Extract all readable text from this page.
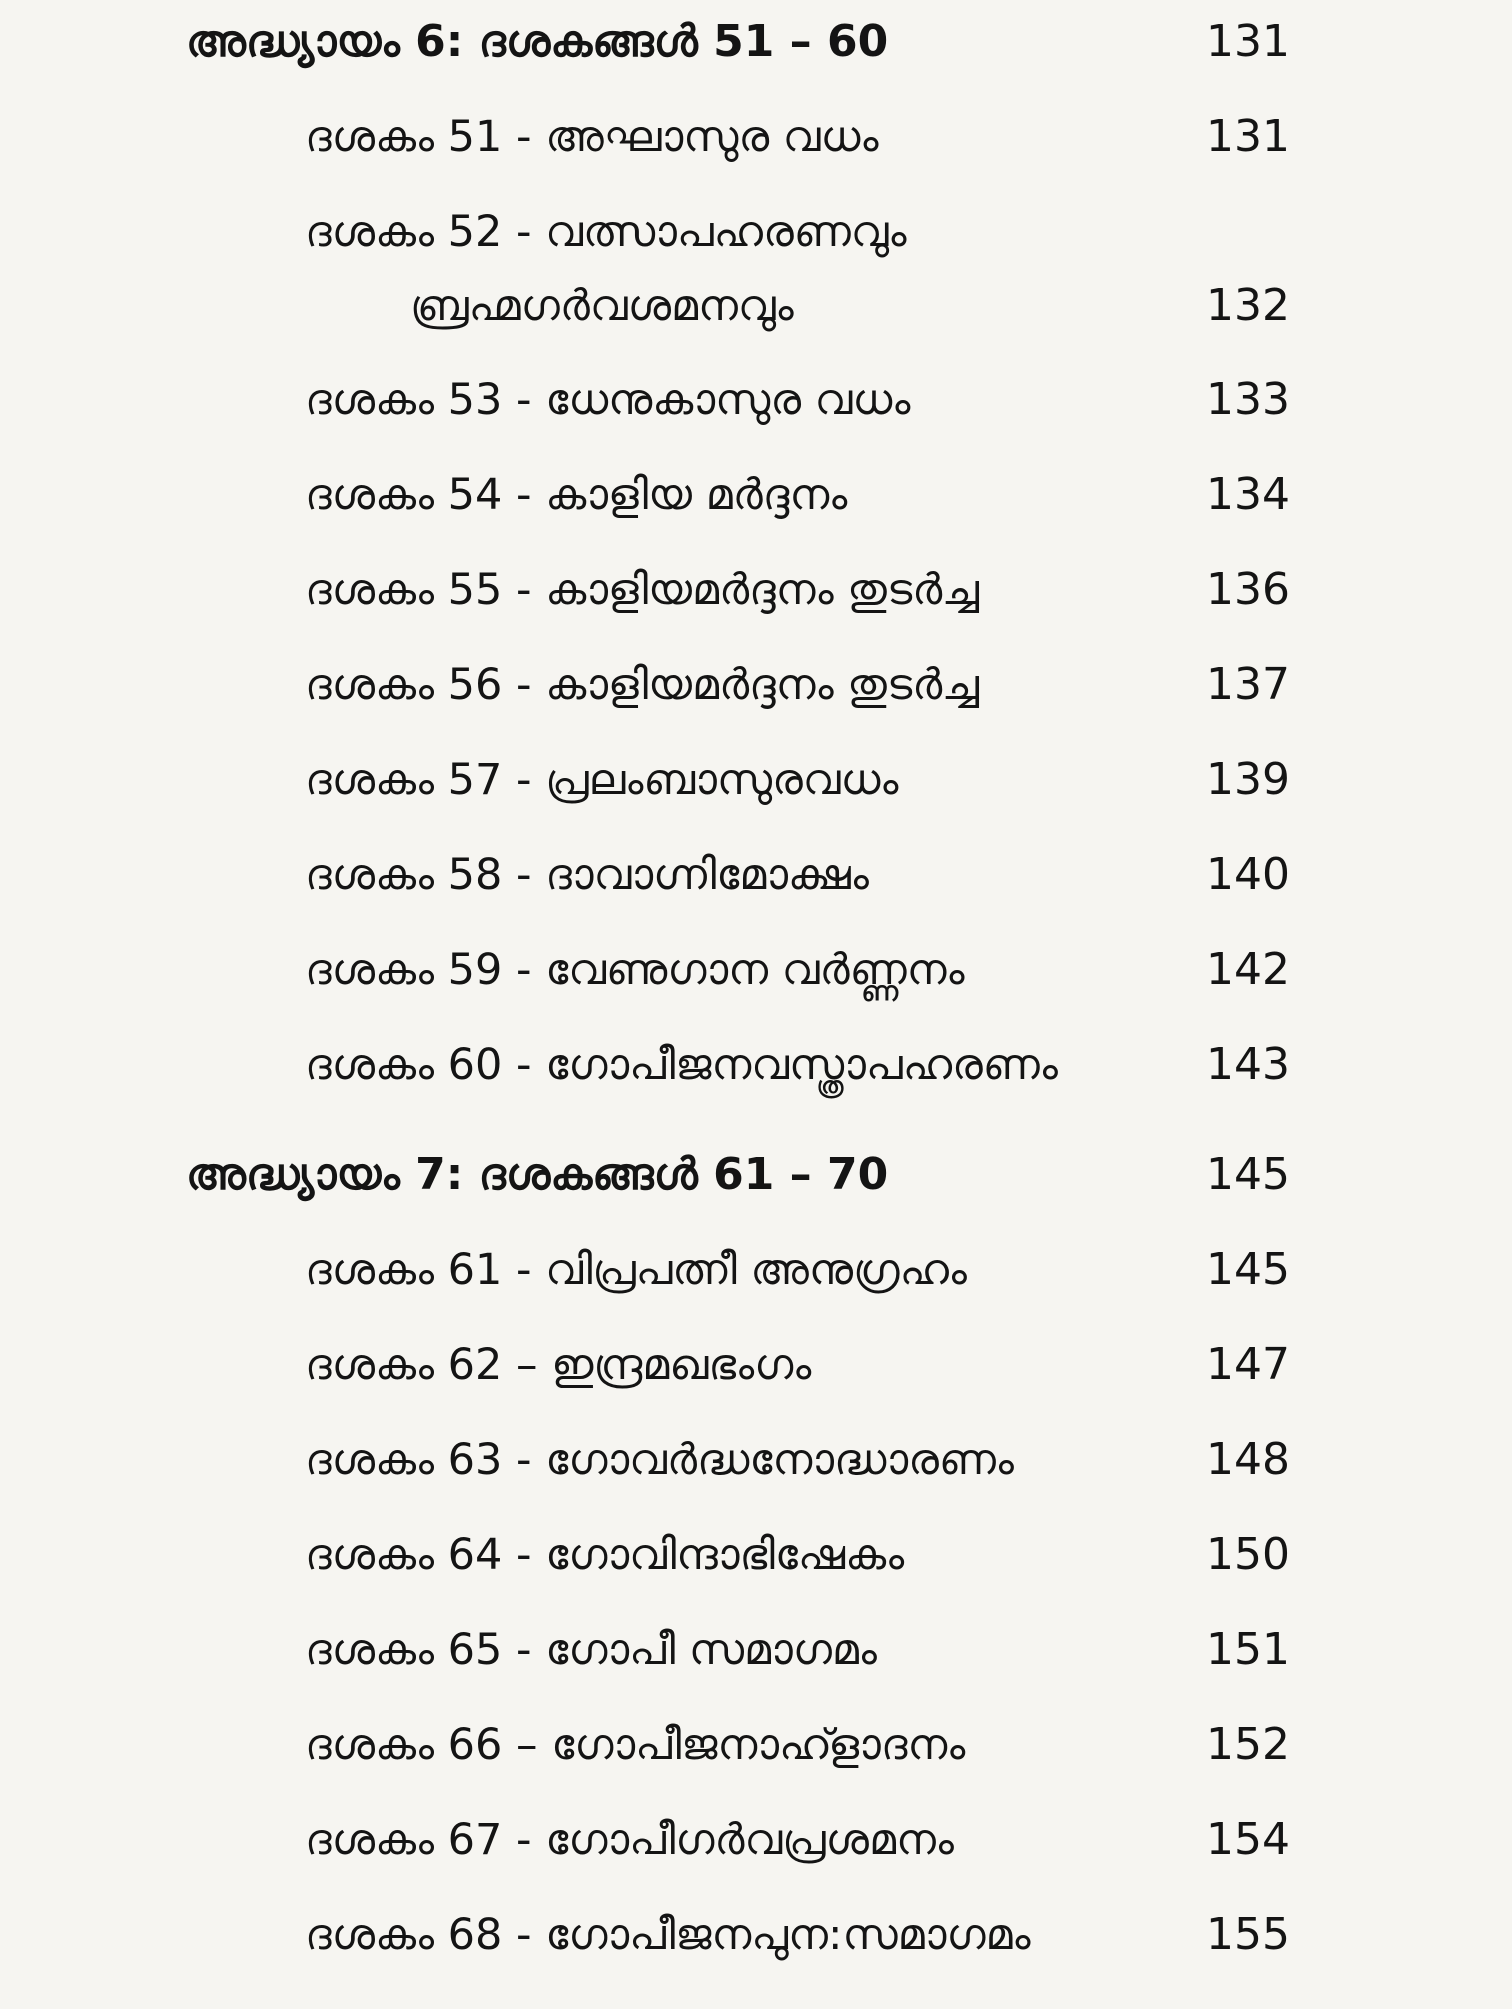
അദ്ധ്യായം 6: ദശകങ്ങൾ 51 – 60	131
ദശകം 51 - അഘാസുര വധം	131
ദശകം 52 - വത്സാപഹരണവും
ബ്രഹ്മഗർവശമനവും	132
ദശകം 53 - ധേനുകാസുര വധം	133
ദശകം 54 - കാളിയ മർദ്ദനം	134
ദശകം 55 - കാളിയമർദ്ദനം തുടർച്ച	136
ദശകം 56 - കാളിയമർദ്ദനം തുടർച്ച	137
ദശകം 57 - പ്രലംബാസുരവധം	139
ദശകം 58 - ദാവാഗ്നിമോക്ഷം	140
ദശകം 59 - വേണുഗാന വർണ്ണനം	142
ദശകം 60 - ഗോപീജനവസ്ത്രാപഹരണം	143
അദ്ധ്യായം 7: ദശകങ്ങൾ 61 – 70	145
ദശകം 61 - വിപ്രപത്നീ അനുഗ്രഹം	145
ദശകം 62 – ഇന്ദ്രമഖഭംഗം	147
ദശകം 63 - ഗോവർദ്ധനോദ്ധാരണം	148
ദശകം 64 - ഗോവിന്ദാഭിഷേകം	150
ദശകം 65 - ഗോപീ സമാഗമം	151
ദശകം 66 – ഗോപീജനാഹ്ളാദനം	152
ദശകം 67 - ഗോപീഗർവപ്രശമനം	154
ദശകം 68 - ഗോപീജനപുന:സമാഗമം	155
